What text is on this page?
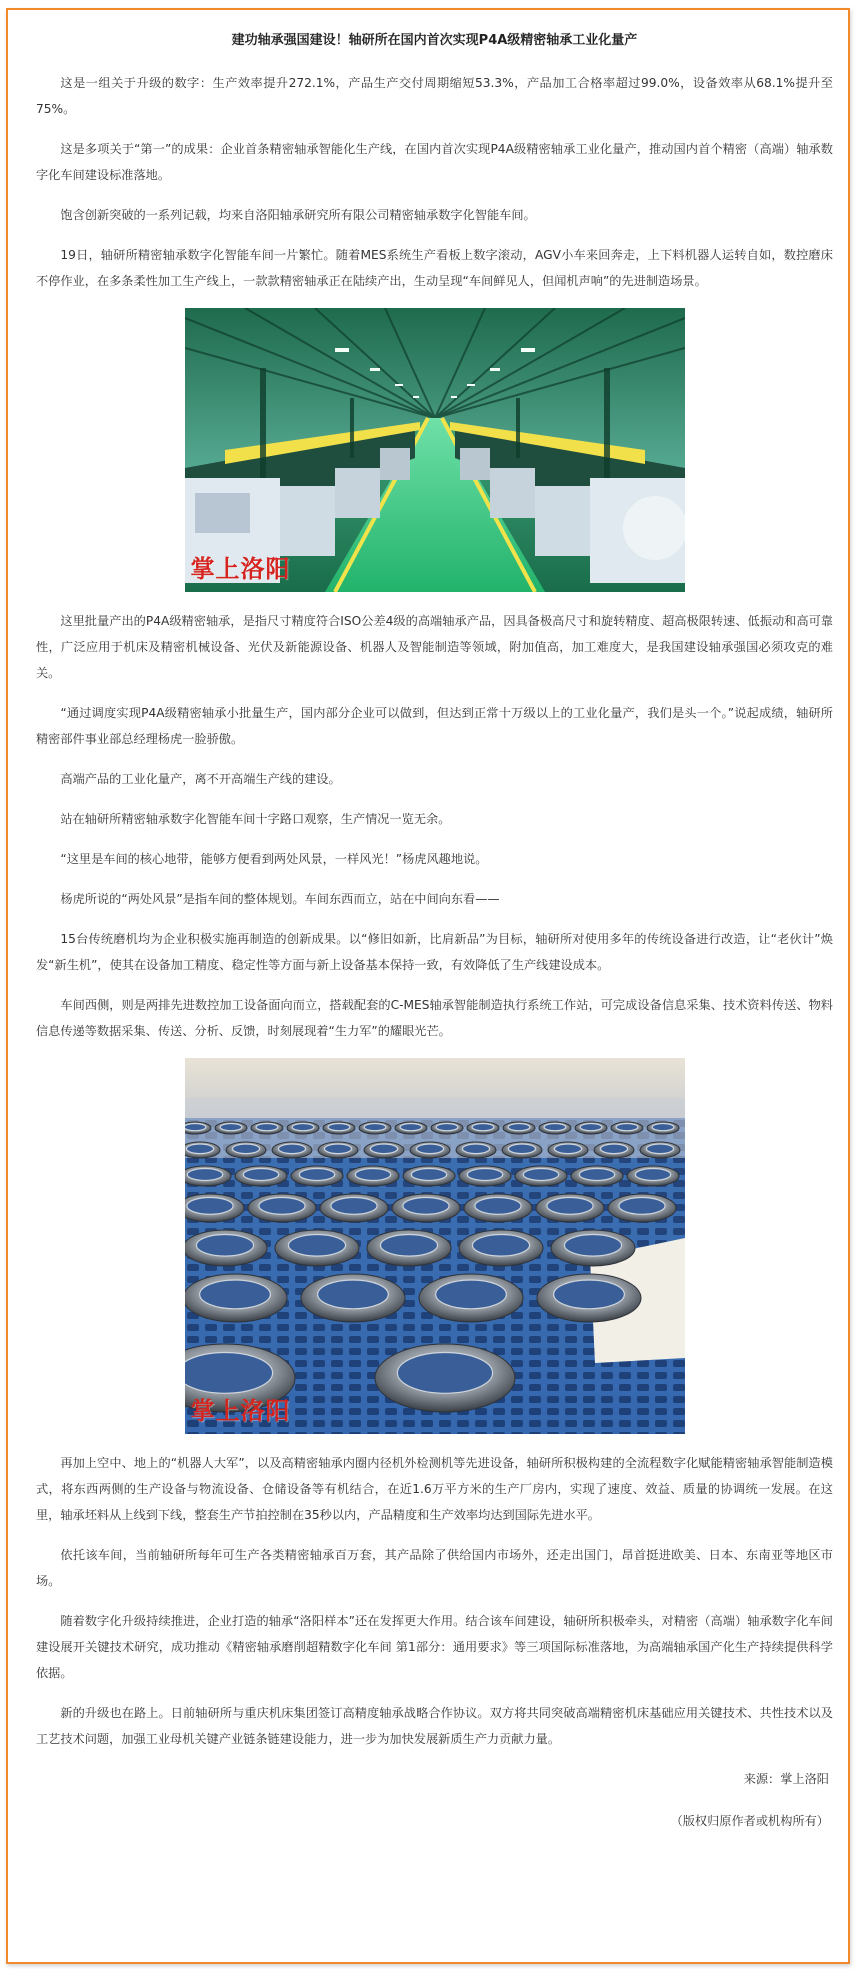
建功轴承强国建设！轴研所在国内首次实现P4A级精密轴承工业化量产

这是一组关于升级的数字：生产效率提升272.1%，产品生产交付周期缩短53.3%，产品加工合格率超过99.0%，设备效率从68.1%提升至75%。

这是多项关于“第一”的成果：企业首条精密轴承智能化生产线，在国内首次实现P4A级精密轴承工业化量产，推动国内首个精密（高端）轴承数字化车间建设标准落地。

饱含创新突破的一系列记载，均来自洛阳轴承研究所有限公司精密轴承数字化智能车间。

19日，轴研所精密轴承数字化智能车间一片繁忙。随着MES系统生产看板上数字滚动，AGV小车来回奔走，上下料机器人运转自如，数控磨床不停作业，在多条柔性加工生产线上，一款款精密轴承正在陆续产出，生动呈现“车间鲜见人，但闻机声响”的先进制造场景。

掌上洛阳

这里批量产出的P4A级精密轴承，是指尺寸精度符合ISO公差4级的高端轴承产品，因具备极高尺寸和旋转精度、超高极限转速、低振动和高可靠性，广泛应用于机床及精密机械设备、光伏及新能源设备、机器人及智能制造等领域，附加值高，加工难度大，是我国建设轴承强国必须攻克的难关。

“通过调度实现P4A级精密轴承小批量生产，国内部分企业可以做到，但达到正常十万级以上的工业化量产，我们是头一个。”说起成绩，轴研所精密部件事业部总经理杨虎一脸骄傲。

高端产品的工业化量产，离不开高端生产线的建设。

站在轴研所精密轴承数字化智能车间十字路口观察，生产情况一览无余。

“这里是车间的核心地带，能够方便看到两处风景，一样风光！”杨虎风趣地说。

杨虎所说的“两处风景”是指车间的整体规划。车间东西而立，站在中间向东看——

15台传统磨机均为企业积极实施再制造的创新成果。以“修旧如新，比肩新品”为目标，轴研所对使用多年的传统设备进行改造，让“老伙计”焕发“新生机”，使其在设备加工精度、稳定性等方面与新上设备基本保持一致，有效降低了生产线建设成本。

车间西侧，则是两排先进数控加工设备面向而立，搭载配套的C-MES轴承智能制造执行系统工作站，可完成设备信息采集、技术资料传送、物料信息传递等数据采集、传送、分析、反馈，时刻展现着“生力军”的耀眼光芒。

掌上洛阳

再加上空中、地上的“机器人大军”，以及高精密轴承内圈内径机外检测机等先进设备，轴研所积极构建的全流程数字化赋能精密轴承智能制造模式，将东西两侧的生产设备与物流设备、仓储设备等有机结合，在近1.6万平方米的生产厂房内，实现了速度、效益、质量的协调统一发展。在这里，轴承坯料从上线到下线，整套生产节拍控制在35秒以内，产品精度和生产效率均达到国际先进水平。

依托该车间，当前轴研所每年可生产各类精密轴承百万套，其产品除了供给国内市场外，还走出国门，昂首挺进欧美、日本、东南亚等地区市场。

随着数字化升级持续推进，企业打造的轴承“洛阳样本”还在发挥更大作用。结合该车间建设，轴研所积极牵头，对精密（高端）轴承数字化车间建设展开关键技术研究，成功推动《精密轴承磨削超精数字化车间 第1部分：通用要求》等三项国际标准落地，为高端轴承国产化生产持续提供科学依据。

新的升级也在路上。日前轴研所与重庆机床集团签订高精度轴承战略合作协议。双方将共同突破高端精密机床基础应用关键技术、共性技术以及工艺技术问题，加强工业母机关键产业链条链建设能力，进一步为加快发展新质生产力贡献力量。

来源：掌上洛阳
（版权归原作者或机构所有）
